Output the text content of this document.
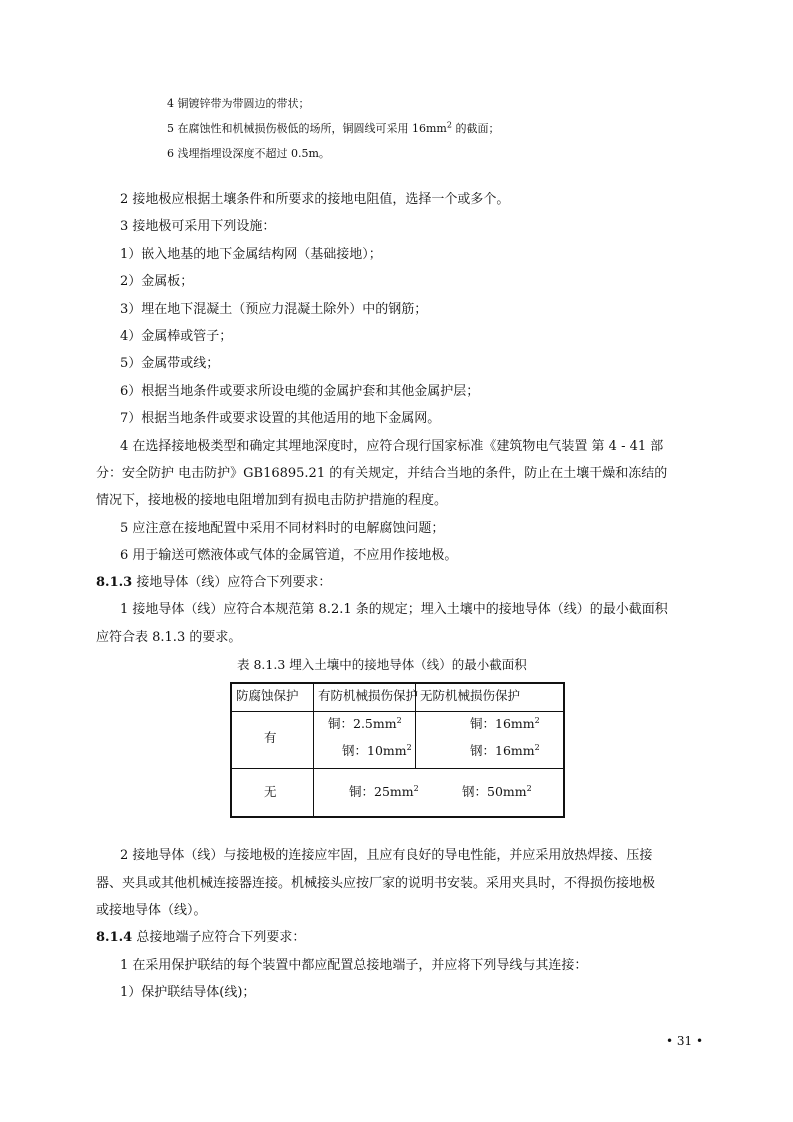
4 铜镀锌带为带圆边的带状；
5 在腐蚀性和机械损伤极低的场所，铜圆线可采用 $16mm^2$ 的截面；
6 浅埋指埋设深度不超过 0.5m。
2 接地极应根据土壤条件和所要求的接地电阻值，选择一个或多个。
3 接地极可采用下列设施：
1）嵌入地基的地下金属结构网（基础接地）；
2）金属板；
3）埋在地下混凝土（预应力混凝土除外）中的钢筋；
4）金属棒或管子；
5）金属带或线；
6）根据当地条件或要求所设电缆的金属护套和其他金属护层；
7）根据当地条件或要求设置的其他适用的地下金属网。
4 在选择接地极类型和确定其埋地深度时，应符合现行国家标准《建筑物电气装置 第 4 - 41 部
分：安全防护 电击防护》GB16895.21 的有关规定，并结合当地的条件，防止在土壤干燥和冻结的
情况下，接地极的接地电阻增加到有损电击防护措施的程度。
5 应注意在接地配置中采用不同材料时的电解腐蚀问题；
6 用于输送可燃液体或气体的金属管道，不应用作接地极。
8.1.3 接地导体（线）应符合下列要求：
1 接地导体（线）应符合本规范第 8.2.1 条的规定；埋入土壤中的接地导体（线）的最小截面积
应符合表 8.1.3 的要求。
表 8.1.3 埋入土壤中的接地导体（线）的最小截面积
防腐蚀保护 有防机械损伤保护 无防机械损伤保护
有
铜：$2.5mm^2$
钢：$10mm^2$
铜：$16mm^2$
钢：$16mm^2$
无	铜：$25mm^2$	钢：$50mm^2$
2 接地导体（线）与接地极的连接应牢固，且应有良好的导电性能，并应采用放热焊接、压接
器、夹具或其他机械连接器连接。机械接头应按厂家的说明书安装。采用夹具时，不得损伤接地极
或接地导体（线）。
8.1.4 总接地端子应符合下列要求：
1 在采用保护联结的每个装置中都应配置总接地端子，并应将下列导线与其连接：
1）保护联结导体(线)；
• 31 •
